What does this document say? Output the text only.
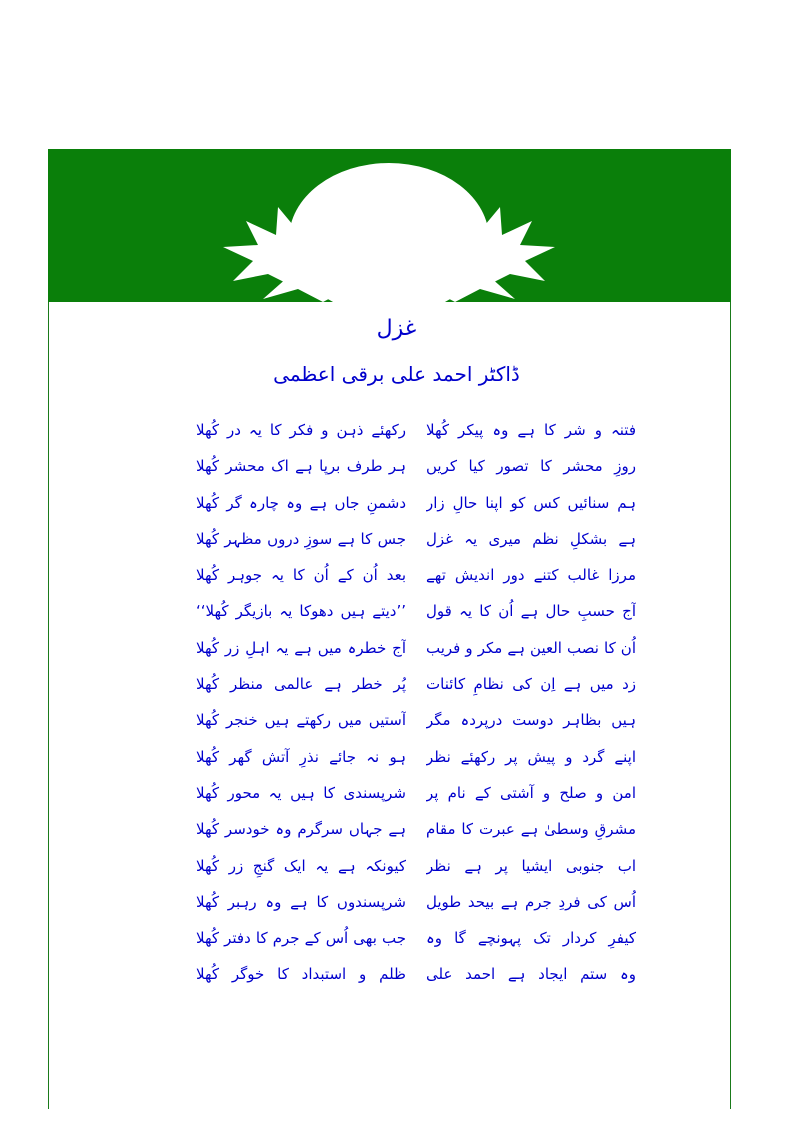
غزل
ڈاکٹر احمد علی برقی اعظمی
فتنہ و شر کا ہے وہ پیکر کُھلا
رکھئے ذہن و فکر کا یہ در کُھلا
روزِ محشر کا تصور کیا کریں
ہر طرف برپا ہے اک محشر کُھلا
ہم سنائیں کس کو اپنا حالِ زار
دشمنِ جاں ہے وہ چارہ گر کُھلا
ہے بشکلِ نظم میری یہ غزل
جس کا ہے سوزِ دروں مظہر کُھلا
مرزا غالب کتنے دور اندیش تھے
بعد اُن کے اُن کا یہ جوہر کُھلا
آج حسبِ حال ہے اُن کا یہ قول
’’دیتے ہیں دھوکا یہ بازیگر کُھلا‘‘
اُن کا نصب العین ہے مکر و فریب
آج خطرہ میں ہے یہ اہلِ زر کُھلا
زد میں ہے اِن کی نظامِ کائنات
پُر خطر ہے عالمی منظر کُھلا
ہیں بظاہر دوست درپردہ مگر
آستیں میں رکھتے ہیں خنجر کُھلا
اپنے گرد و پیش پر رکھئے نظر
ہو نہ جائے نذرِ آتش گھر کُھلا
امن و صلح و آشتی کے نام پر
شرپسندی کا ہیں یہ محور کُھلا
مشرقِ وسطیٰ ہے عبرت کا مقام
ہے جہاں سرگرم وہ خودسر کُھلا
اب جنوبی ایشیا پر ہے نظر
کیونکہ ہے یہ ایک گنجِ زر کُھلا
اُس کی فردِ جرم ہے بیحد طویل
شرپسندوں کا ہے وہ رہبر کُھلا
کیفرِ کردار تک پہونچے گا وہ
جب بھی اُس کے جرم کا دفتر کُھلا
وہ ستم ایجاد ہے احمد علی
ظلم و استبداد کا خوگر کُھلا
